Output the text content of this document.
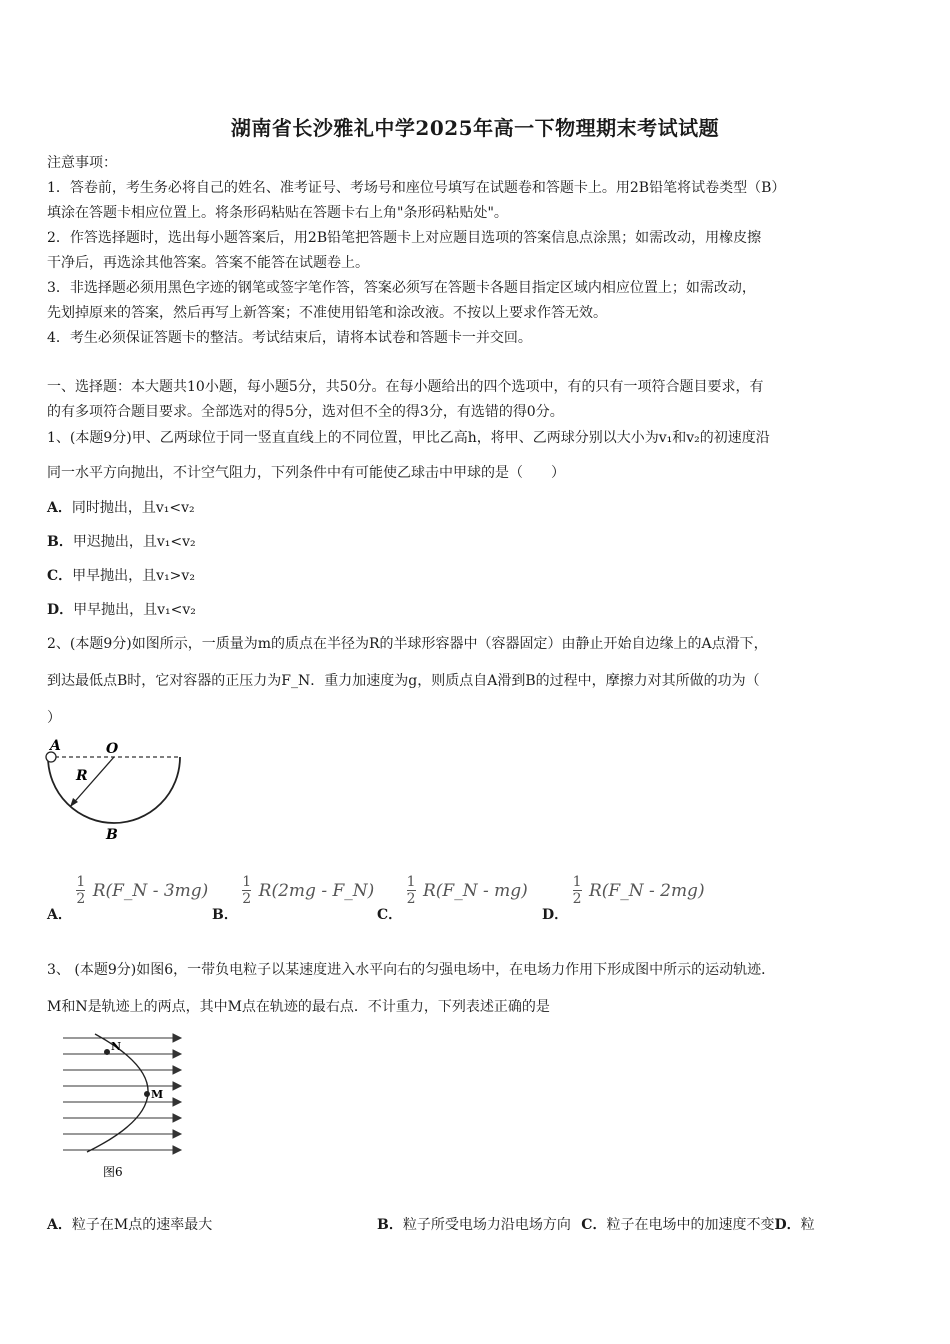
湖南省长沙雅礼中学2025年高一下物理期末考试试题
注意事项：
1．答卷前，考生务必将自己的姓名、准考证号、考场号和座位号填写在试题卷和答题卡上。用2B铅笔将试卷类型（B）
填涂在答题卡相应位置上。将条形码粘贴在答题卡右上角"条形码粘贴处"。
2．作答选择题时，选出每小题答案后，用2B铅笔把答题卡上对应题目选项的答案信息点涂黑；如需改动，用橡皮擦
干净后，再选涂其他答案。答案不能答在试题卷上。
3．非选择题必须用黑色字迹的钢笔或签字笔作答，答案必须写在答题卡各题目指定区域内相应位置上；如需改动，
先划掉原来的答案，然后再写上新答案；不准使用铅笔和涂改液。不按以上要求作答无效。
4．考生必须保证答题卡的整洁。考试结束后，请将本试卷和答题卡一并交回。
一、选择题：本大题共10小题，每小题5分，共50分。在每小题给出的四个选项中，有的只有一项符合题目要求，有
的有多项符合题目要求。全部选对的得5分，选对但不全的得3分，有选错的得0分。
1、(本题9分)甲、乙两球位于同一竖直直线上的不同位置，甲比乙高h，将甲、乙两球分别以大小为v₁和v₂的初速度沿
同一水平方向抛出，不计空气阻力，下列条件中有可能使乙球击中甲球的是（　　）
A．同时抛出，且v₁<v₂
B．甲迟抛出，且v₁<v₂
C．甲早抛出，且v₁>v₂
D．甲早抛出，且v₁<v₂
2、(本题9分)如图所示，一质量为m的质点在半径为R的半球形容器中（容器固定）由静止开始自边缘上的A点滑下，
到达最低点B时，它对容器的正压力为F_N．重力加速度为g，则质点自A滑到B的过程中，摩擦力对其所做的功为（
）
A	O
R
B
A．
$\frac{1}{2}$ R(F_N - 3mg)
B．
$\frac{1}{2} R(2mg$ - F_N)
C．
$\frac{1}{2}$ R(F_N - mg)
D．
$\frac{1}{2}$ R(F_N - 2mg)
3、 (本题9分)如图6，一带负电粒子以某速度进入水平向右的匀强电场中，在电场力作用下形成图中所示的运动轨迹．
M和N是轨迹上的两点，其中M点在轨迹的最右点．不计重力，下列表述正确的是
N
M
图6
A．粒子在M点的速率最大	B．粒子所受电场力沿电场方向 C．粒子在电场中的加速度不变D．粒
